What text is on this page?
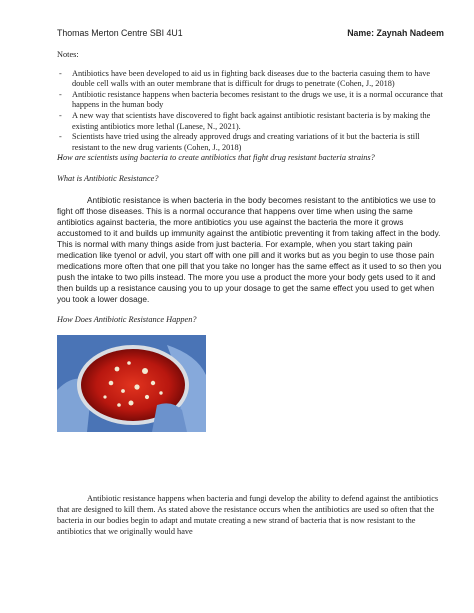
Thomas Merton Centre SBI 4U1	Name: Zaynah Nadeem
Notes:
- Antibiotics have been developed to aid us in fighting back diseases due to the bacteria casuing them to have double cell walls with an outer membrane that is difficult for drugs to penetrate (Cohen, J., 2018)
- Antibiotic resistance happens when bacteria becomes resistant to the drugs we use, it is a normal occurance that happens in the human body
- A new way that scientists have discovered to fight back against antibiotic resistant bacteria is by making the existing antibiotics more lethal (Lanese, N., 2021).
- Scientists have tried using the already approved drugs and creating variations of it but the bacteria is still resistant to the new drug varients (Cohen, J., 2018)
How are scientists using bacteria to create antibiotics that fight drug resistant bacteria strains?
What is Antibiotic Resistance?
Antibiotic resistance is when bacteria in the body becomes resistant to the antibiotics we use to fight off those diseases. This is a normal occurance that happens over time when using the same antibiotics against bacteria, the more antibiotics you use against the bacteria the more it grows accustomed to it and builds up immunity against the antibiotic preventing it from taking affect in the body. This is normal with many things aside from just bacteria. For example, when you start taking pain medication like tyenol or advil, you start off with one pill and it works but as you begin to use those pain medications more often that one pill that you take no longer has the same effect as it used to so then you push the intake to two pills instead. The more you use a product the more your body gets used to it and then builds up a resistance causing you to up your dosage to get the same effect you used to get when you took a lower dosage.
How Does Antibiotic Resistance Happen?
Antibiotic resistance happens when bacteria and fungi develop the ability to defend against the antibiotics that are designed to kill them. As stated above the resistance occurs when the antibiotics are used so often that the bacteria in our bodies begin to adapt and mutate creating a new strand of bacteria that is now resistant to the antibiotics that we originally would have
